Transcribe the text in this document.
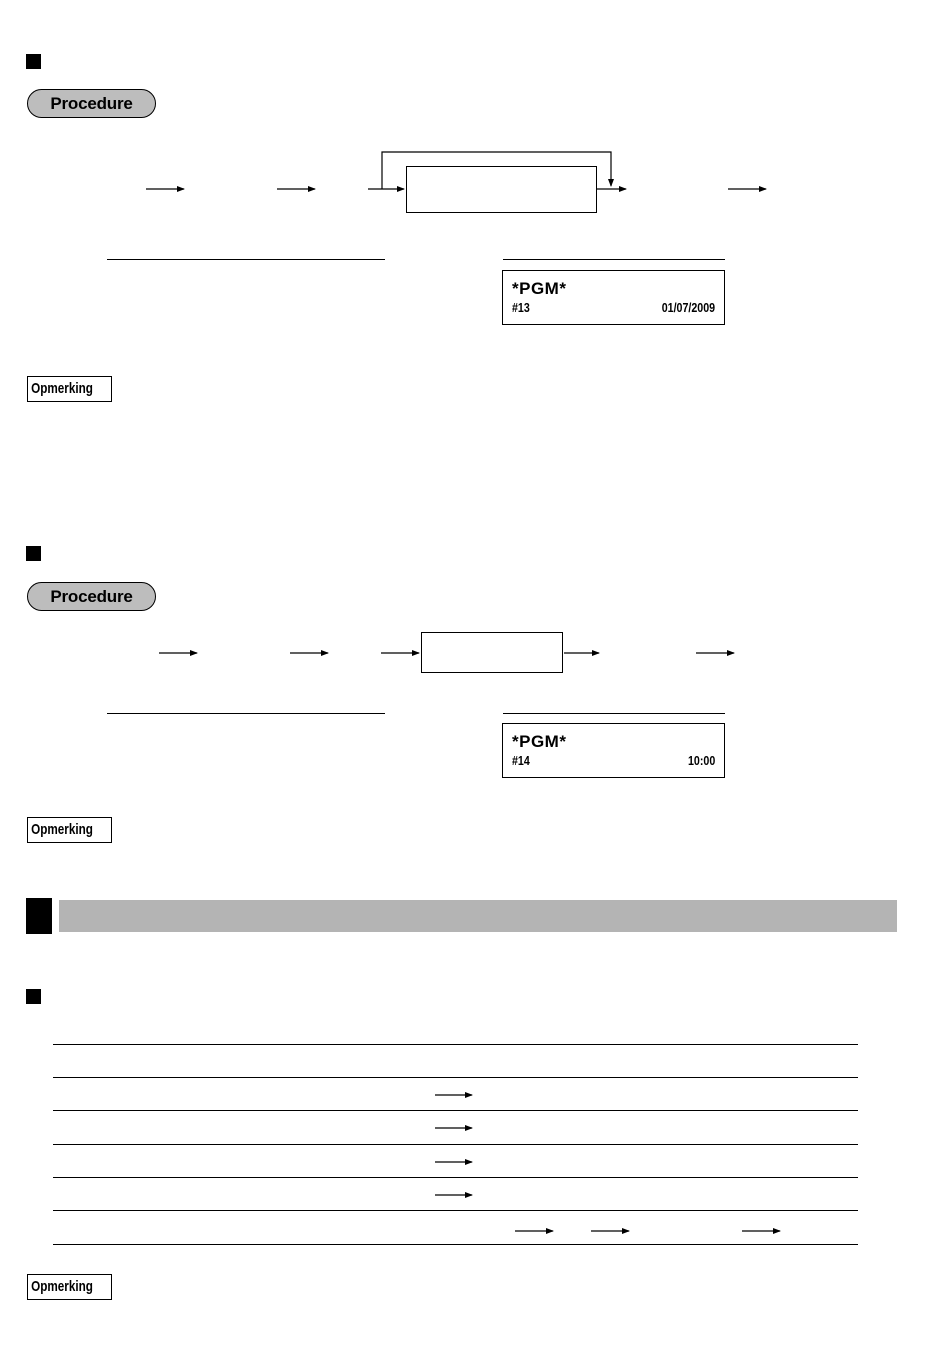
Procedure
*PGM*
#13	01/07/2009
Opmerking
Procedure
*PGM*
#14	10:00
Opmerking
Opmerking
